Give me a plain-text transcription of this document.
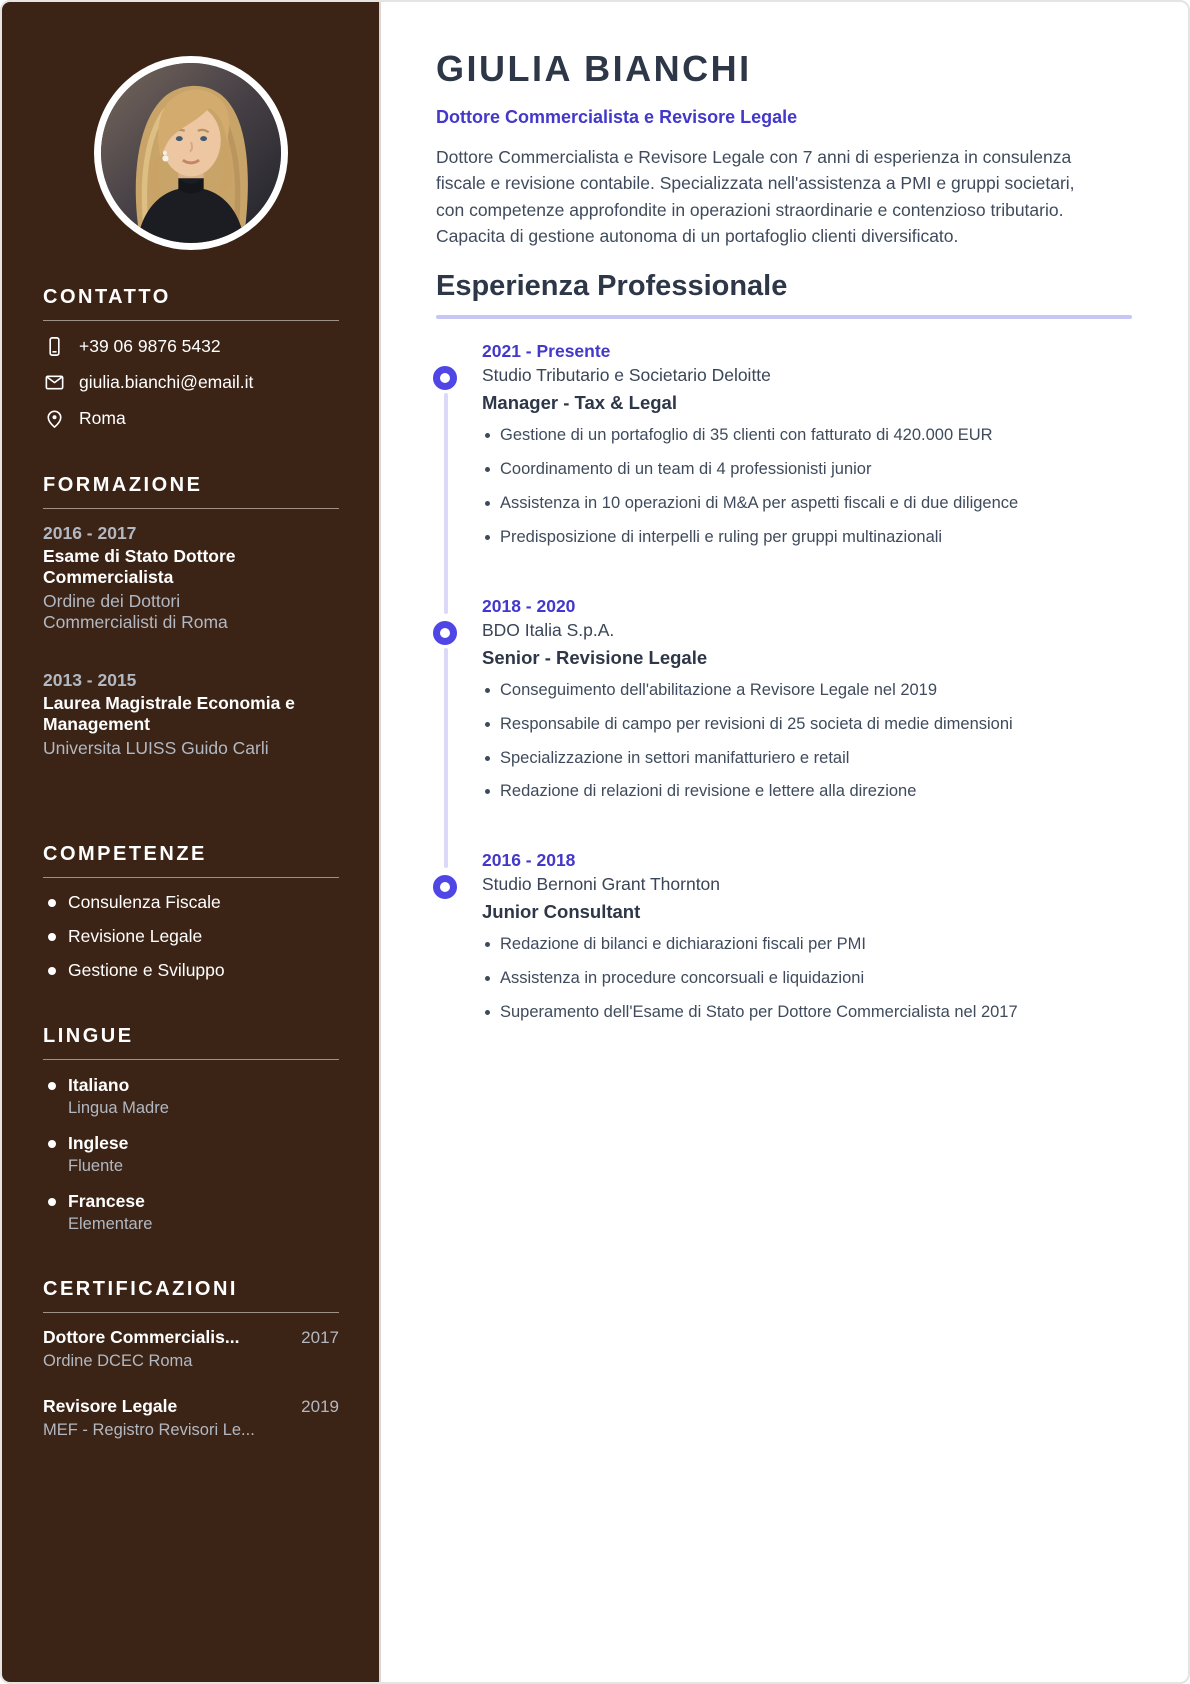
CONTATTO
+39 06 9876 5432
giulia.bianchi@email.it
Roma
FORMAZIONE
2016 - 2017
Esame di Stato Dottore Commercialista
Ordine dei Dottori Commercialisti di Roma
2013 - 2015
Laurea Magistrale Economia e Management
Universita LUISS Guido Carli
COMPETENZE
Consulenza Fiscale
Revisione Legale
Gestione e Sviluppo
LINGUE
Italiano
Lingua Madre
Inglese
Fluente
Francese
Elementare
CERTIFICAZIONI
Dottore Commercialis...	2017
Ordine DCEC Roma
Revisore Legale	2019
MEF - Registro Revisori Le...
GIULIA BIANCHI
Dottore Commercialista e Revisore Legale

Dottore Commercialista e Revisore Legale con 7 anni di esperienza in consulenza fiscale e revisione contabile. Specializzata nell'assistenza a PMI e gruppi societari, con competenze approfondite in operazioni straordinarie e contenzioso tributario. Capacita di gestione autonoma di un portafoglio clienti diversificato.

Esperienza Professionale
2021 - Presente
Studio Tributario e Societario Deloitte
Manager - Tax & Legal
Gestione di un portafoglio di 35 clienti con fatturato di 420.000 EUR
Coordinamento di un team di 4 professionisti junior
Assistenza in 10 operazioni di M&A per aspetti fiscali e di due diligence
Predisposizione di interpelli e ruling per gruppi multinazionali
2018 - 2020
BDO Italia S.p.A.
Senior - Revisione Legale
Conseguimento dell'abilitazione a Revisore Legale nel 2019
Responsabile di campo per revisioni di 25 societa di medie dimensioni
Specializzazione in settori manifatturiero e retail
Redazione di relazioni di revisione e lettere alla direzione
2016 - 2018
Studio Bernoni Grant Thornton
Junior Consultant
Redazione di bilanci e dichiarazioni fiscali per PMI
Assistenza in procedure concorsuali e liquidazioni
Superamento dell'Esame di Stato per Dottore Commercialista nel 2017
